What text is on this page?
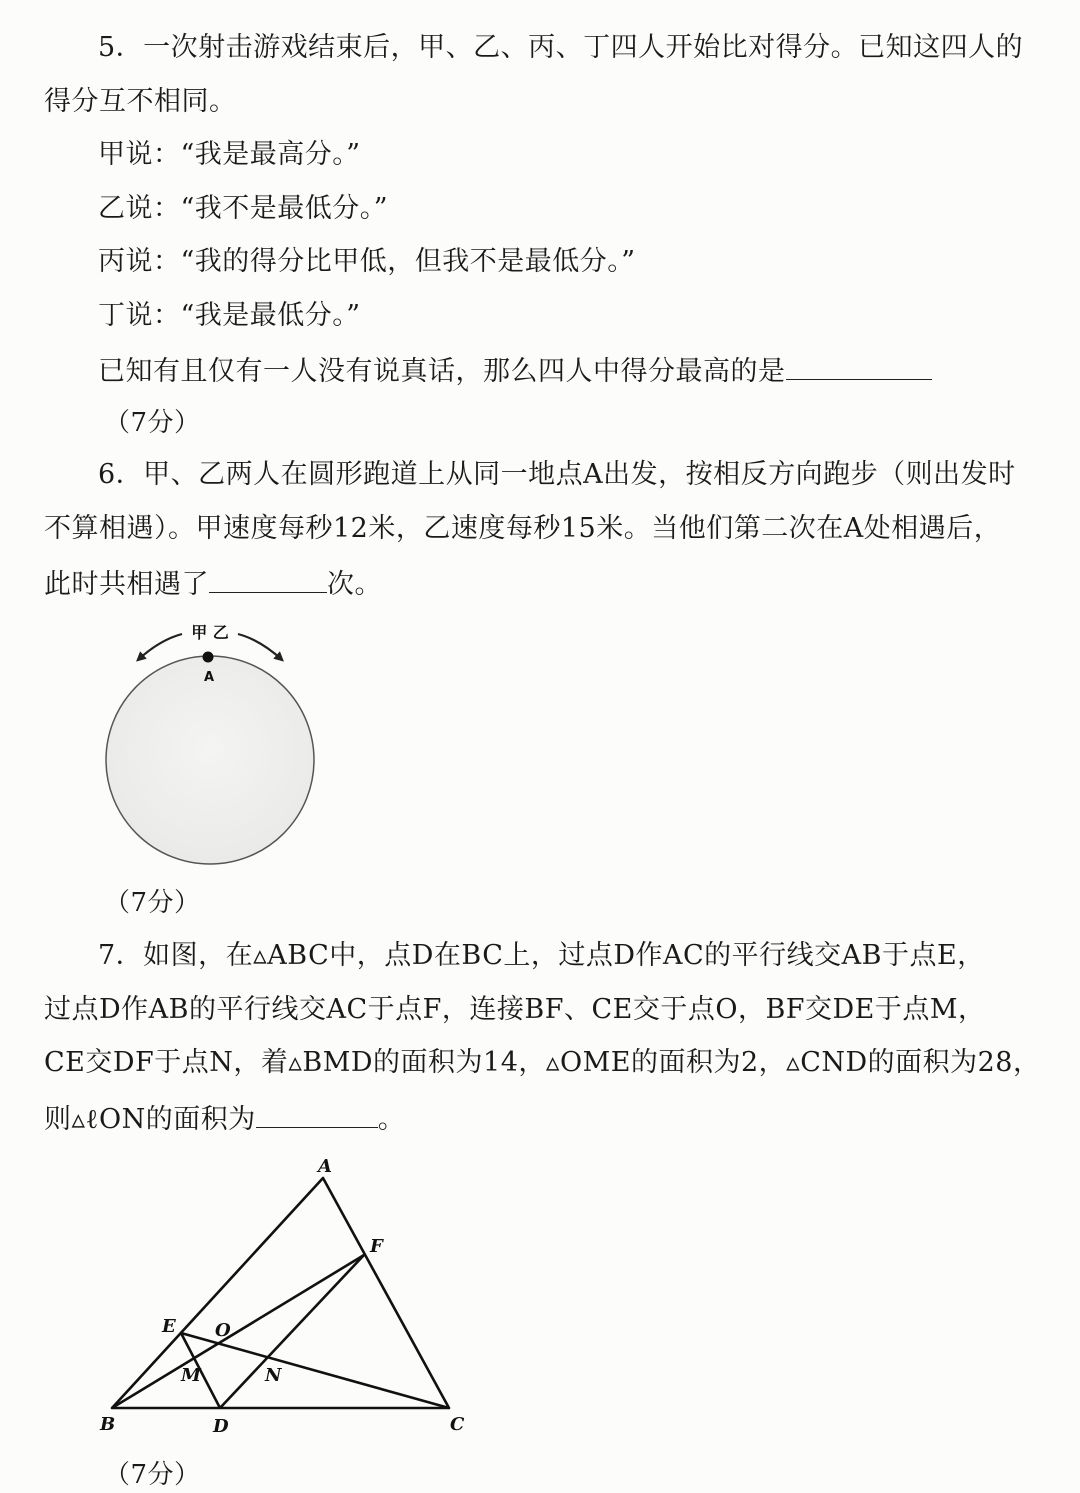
5．一次射击游戏结束后，甲、乙、丙、丁四人开始比对得分。已知这四人的
得分互不相同。
甲说：“我是最高分。”
乙说：“我不是最低分。”
丙说：“我的得分比甲低，但我不是最低分。”
丁说：“我是最低分。”
已知有且仅有一人没有说真话，那么四人中得分最高的是
（7分）
6．甲、乙两人在圆形跑道上从同一地点A出发，按相反方向跑步（则出发时
不算相遇）。甲速度每秒12米，乙速度每秒15米。当他们第二次在A处相遇后，
此时共相遇了	次。
甲 乙
A
（7分）
7．如图，在▵ABC中，点D在BC上，过点D作AC的平行线交AB于点E，
过点D作AB的平行线交AC于点F，连接BF、CE交于点O，BF交DE于点M，
CE交DF于点N，着▵BMD的面积为14，▵OME的面积为2，▵CND的面积为28，
则▵ℓON的面积为	。
A
B	C
D
E
F
O
M	N
（7分）
